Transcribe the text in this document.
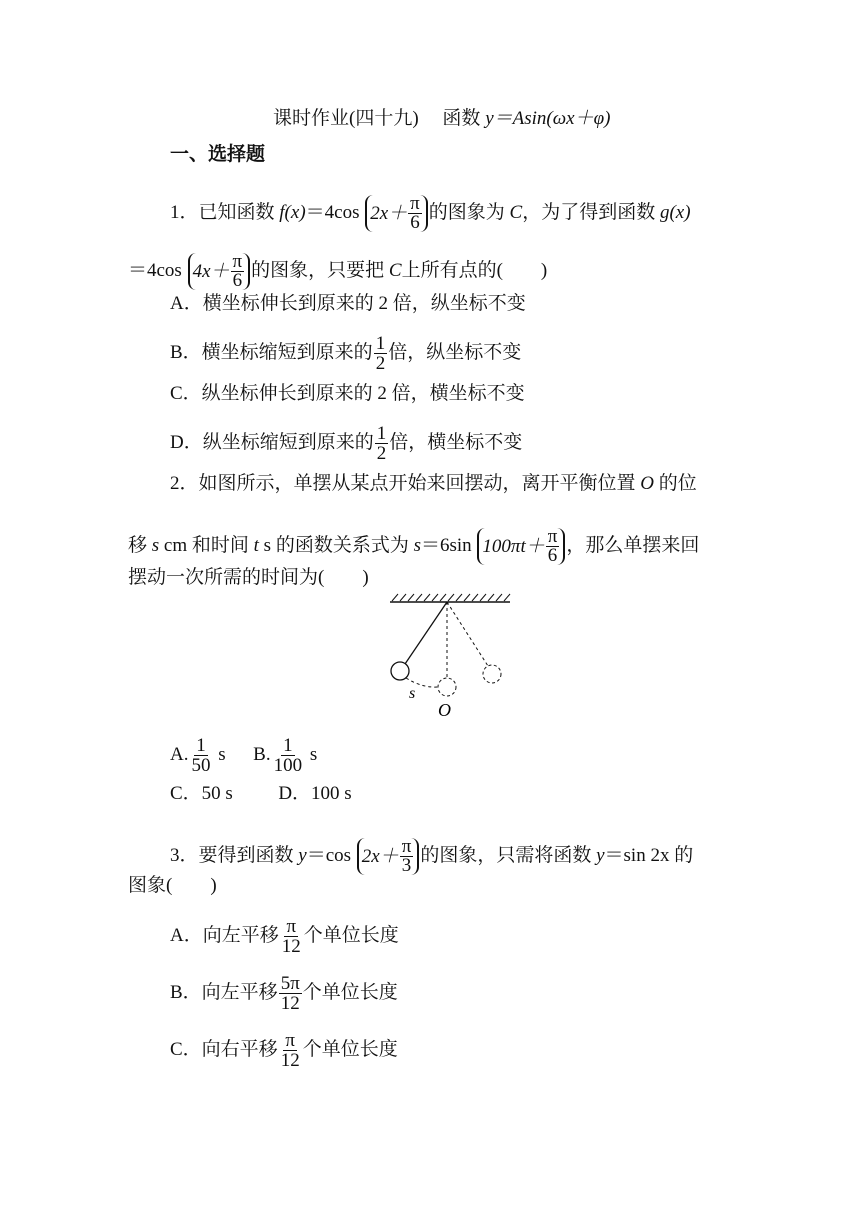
课时作业(四十九)　 函数 y＝Asin(ωx＋φ)
一、选择题
1．已知函数 f(x)＝4cos $2x+ \frac{\pi}{6}$ 的图象为 C，为了得到函数 g(x)
＝4cos $4x+ \frac{\pi}{6}$ 的图象，只要把 C上所有点的(　　)
A．横坐标伸长到原来的 2 倍，纵坐标不变
B．横坐标缩短到原来的 $\frac{1}{2}$ 倍，纵坐标不变
C．纵坐标伸长到原来的 2 倍，横坐标不变
D．纵坐标缩短到原来的 $\frac{1}{2}$ 倍，横坐标不变
2．如图所示，单摆从某点开始来回摆动，离开平衡位置 O 的位
移 s cm 和时间 t s 的函数关系式为 s＝6sin $100\pi t+ \frac{\pi}{6}$ ，那么单摆来回
摆动一次所需的时间为(　　)
s
O
A. $\frac{1}{50}$ s B. $\frac{1}{100}$ s
C．50 s D．100 s
3．要得到函数 y＝cos $2x+ \frac{\pi}{3}$ 的图象，只需将函数 y＝sin 2x 的
图象(　　)
A．向左平移 $\frac{\pi}{12}$ 个单位长度
B．向左平移 $\frac{5\pi}{12}$ 个单位长度
C．向右平移 $\frac{\pi}{12}$ 个单位长度
